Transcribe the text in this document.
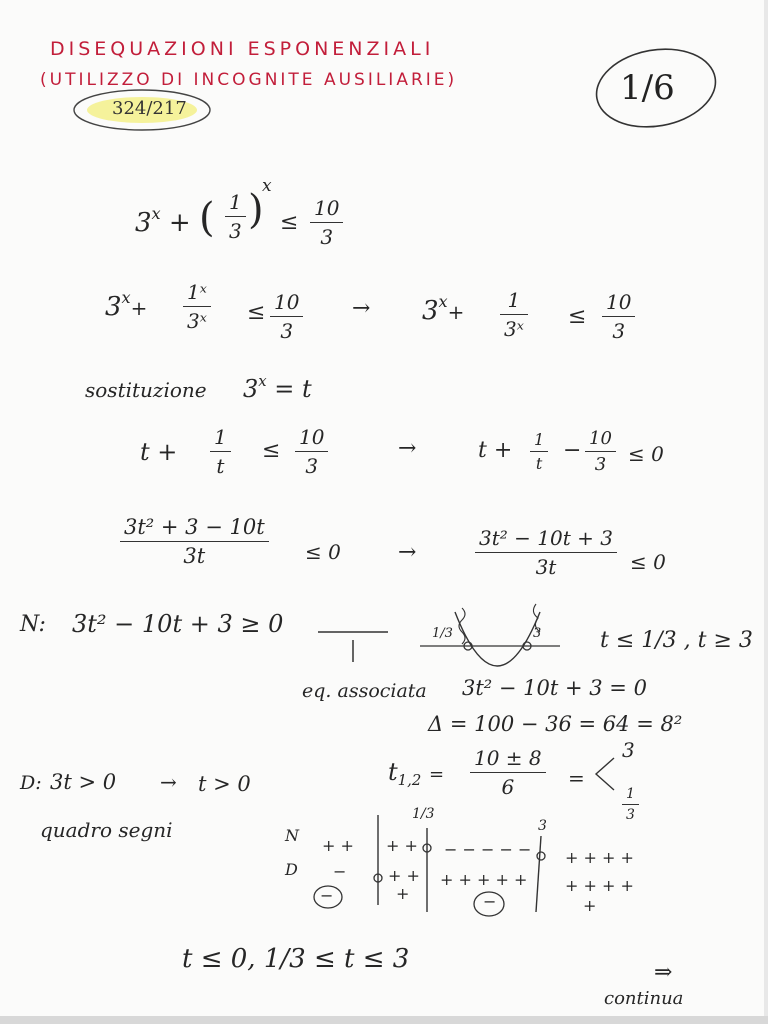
DISEQUAZIONI ESPONENZIALI
(UTILIZZO DI INCOGNITE AUSILIARIE)
324/217
1/6
$3^x$ + ( 1
3 )
x
≤
10
3
$3^x+$
1ˣ
3ˣ ≤ 10
3
→ $3^x+$
1
3ˣ ≤
10
3
sostituzione $3^x = t$
t +
1
t
≤
10
3
→	t + 1
t
− 10
3 ≤ 0
3t² + 3 − 10t
3t	≤ 0	→
3t² − 10t + 3
3t	≤ 0
N: 3t² − 10t + 3 ≥ 0	1/3	3	t ≤ 1/3 , t ≥ 3
eq. associata 3t² − 10t + 3 = 0
Δ = 100 − 36 = 64 = 8²
$t_{1,2}$ =
10 ± 8
6	=
3
1
3
D: 3t > 0 → t > 0
quadro segni	N
D
1/3
3
+ + + + − − − − − + + + +
−	+ + + + + + + + + + +
−	+	−	+
t ≤ 0, 1/3 ≤ t ≤ 3	⇒
continua
